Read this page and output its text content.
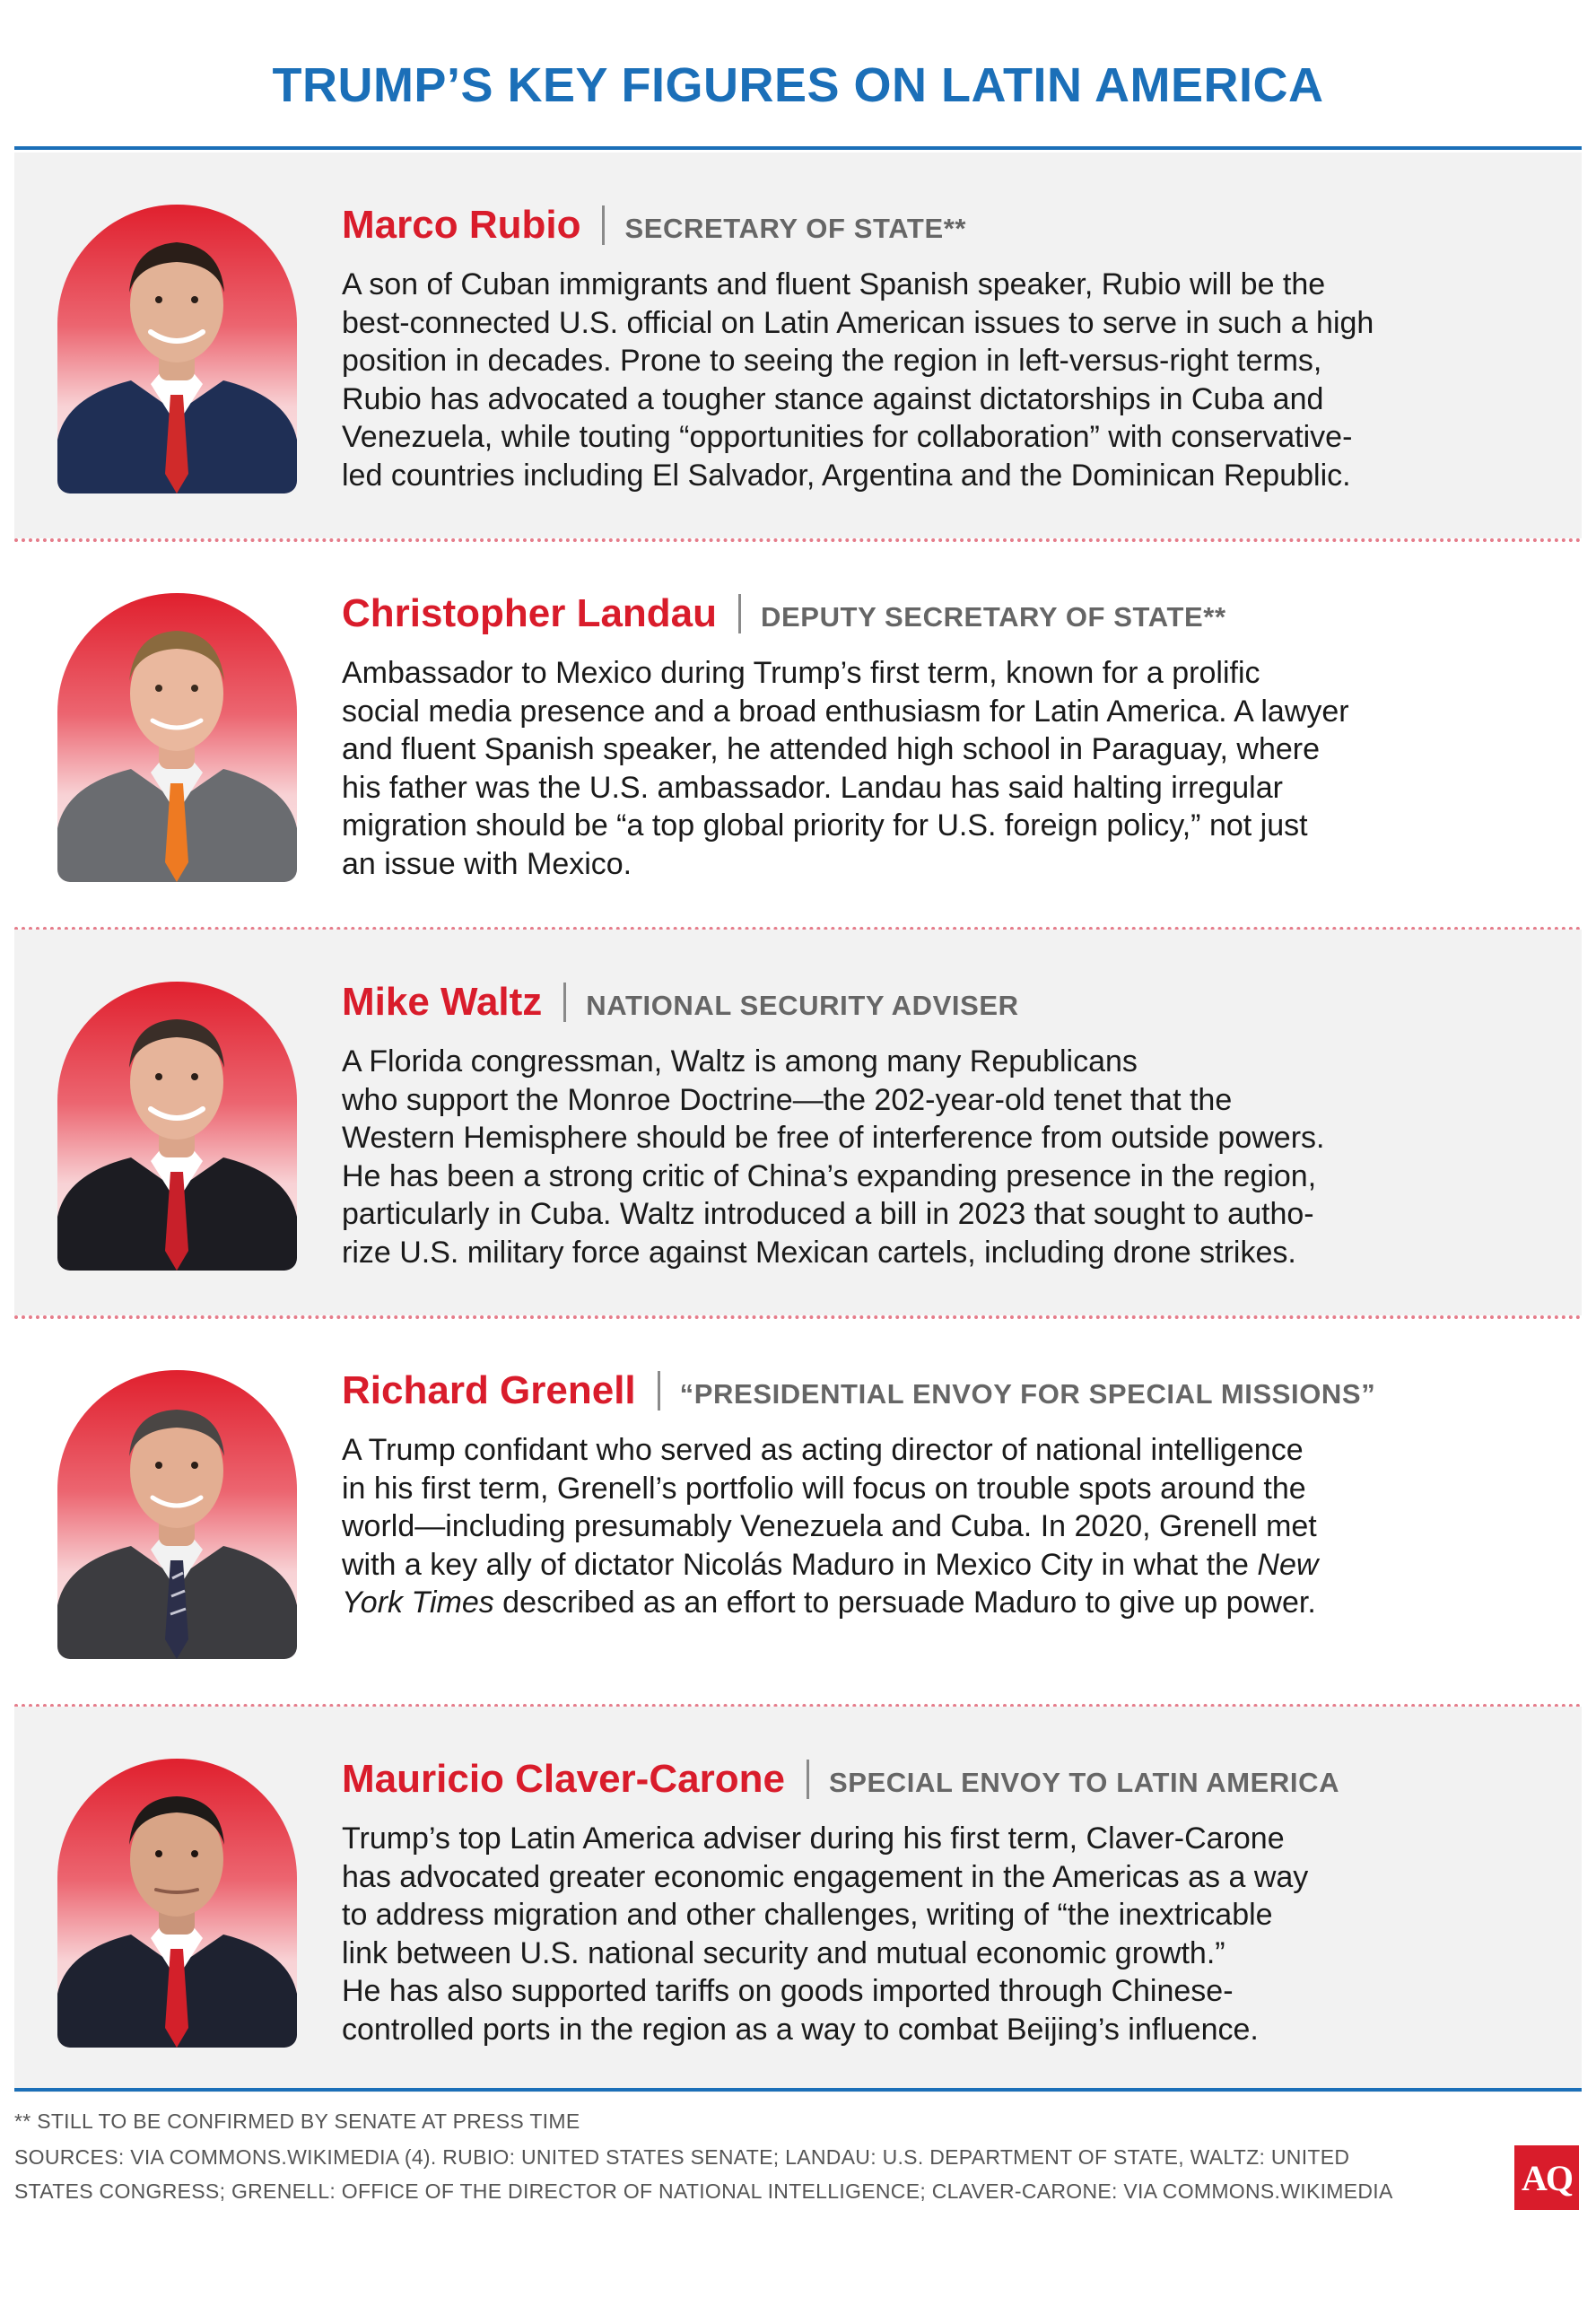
TRUMP’S KEY FIGURES ON LATIN AMERICA
Marco Rubio SECRETARY OF STATE**

A son of Cuban immigrants and fluent Spanish speaker, Rubio will be the

best-connected U.S. official on Latin American issues to serve in such a high

position in decades. Prone to seeing the region in left-versus-right terms,

Rubio has advocated a tougher stance against dictatorships in Cuba and

Venezuela, while touting “opportunities for collaboration” with conservative-

led countries including El Salvador, Argentina and the Dominican Republic.

Christopher Landau DEPUTY SECRETARY OF STATE**

Ambassador to Mexico during Trump’s first term, known for a prolific

social media presence and a broad enthusiasm for Latin America. A lawyer

and fluent Spanish speaker, he attended high school in Paraguay, where

his father was the U.S. ambassador. Landau has said halting irregular

migration should be “a top global priority for U.S. foreign policy,” not just

an issue with Mexico.

Mike Waltz NATIONAL SECURITY ADVISER

A Florida congressman, Waltz is among many Republicans

who support the Monroe Doctrine—the 202-year-old tenet that the

Western Hemisphere should be free of interference from outside powers.

He has been a strong critic of China’s expanding presence in the region,

particularly in Cuba. Waltz introduced a bill in 2023 that sought to autho-

rize U.S. military force against Mexican cartels, including drone strikes.

Richard Grenell “PRESIDENTIAL ENVOY FOR SPECIAL MISSIONS”

A Trump confidant who served as acting director of national intelligence

in his first term, Grenell’s portfolio will focus on trouble spots around the

world—including presumably Venezuela and Cuba. In 2020, Grenell met

with a key ally of dictator Nicolás Maduro in Mexico City in what the New

York Times described as an effort to persuade Maduro to give up power.

Mauricio Claver-Carone SPECIAL ENVOY TO LATIN AMERICA

Trump’s top Latin America adviser during his first term, Claver-Carone

has advocated greater economic engagement in the Americas as a way

to address migration and other challenges, writing of “the inextricable

link between U.S. national security and mutual economic growth.”

He has also supported tariffs on goods imported through Chinese-

controlled ports in the region as a way to combat Beijing’s influence.

** STILL TO BE CONFIRMED BY SENATE AT PRESS TIME
SOURCES: VIA COMMONS.WIKIMEDIA (4). RUBIO: UNITED STATES SENATE; LANDAU: U.S. DEPARTMENT OF STATE, WALTZ: UNITED
STATES CONGRESS; GRENELL: OFFICE OF THE DIRECTOR OF NATIONAL INTELLIGENCE; CLAVER-CARONE: VIA COMMONS.WIKIMEDIA	AQ
